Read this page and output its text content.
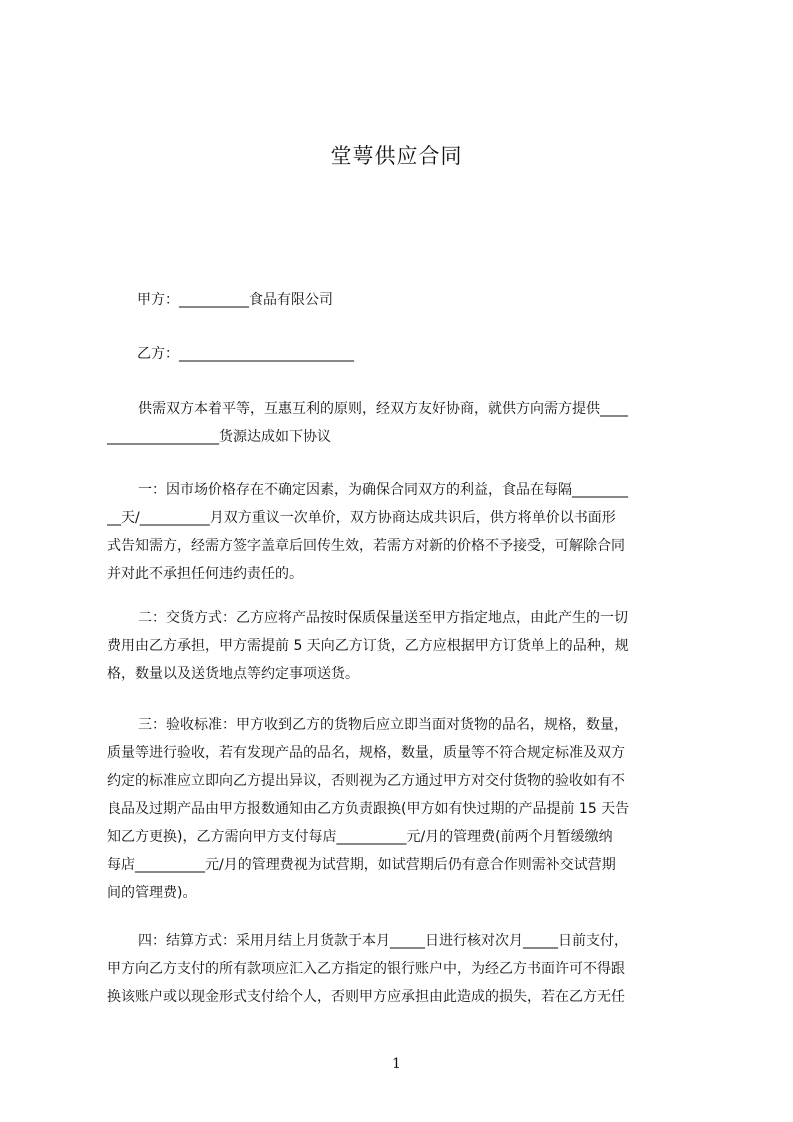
堂萼供应合同
甲方：__________食品有限公司
乙方：_________________________
供需双方本着平等，互惠互利的原则，经双方友好协商，就供方向需方提供____
________________货源达成如下协议
一：因市场价格存在不确定因素，为确保合同双方的利益，食品在每隔________
__天/__________月双方重议一次单价，双方协商达成共识后，供方将单价以书面形
式告知需方，经需方签字盖章后回传生效，若需方对新的价格不予接受，可解除合同
并对此不承担任何违约责任的。
二：交货方式：乙方应将产品按时保质保量送至甲方指定地点，由此产生的一切
费用由乙方承担，甲方需提前 5 天向乙方订货，乙方应根据甲方订货单上的品种，规
格，数量以及送货地点等约定事项送货。
三：验收标准：甲方收到乙方的货物后应立即当面对货物的品名，规格，数量，
质量等进行验收，若有发现产品的品名，规格，数量，质量等不符合规定标准及双方
约定的标准应立即向乙方提出异议，否则视为乙方通过甲方对交付货物的验收如有不
良品及过期产品由甲方报数通知由乙方负责跟换(甲方如有快过期的产品提前 15 天告
知乙方更换)，乙方需向甲方支付每店__________元/月的管理费(前两个月暂缓缴纳
每店__________元/月的管理费视为试营期，如试营期后仍有意合作则需补交试营期
间的管理费)。
四：结算方式：采用月结上月货款于本月_____日进行核对次月_____日前支付，
甲方向乙方支付的所有款项应汇入乙方指定的银行账户中，为经乙方书面许可不得跟
换该账户或以现金形式支付给个人，否则甲方应承担由此造成的损失，若在乙方无任
1
